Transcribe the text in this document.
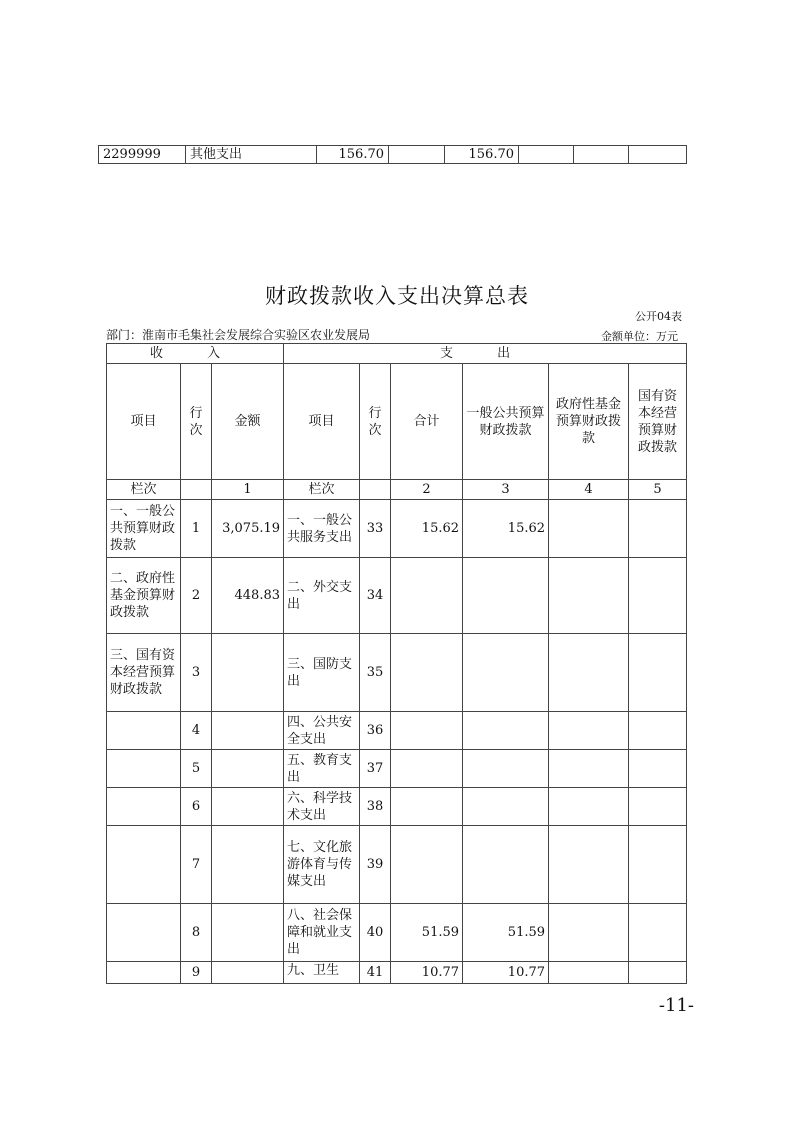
2299999	其他支出	156.70		156.70			
财政拨款收入支出决算总表
公开04表
部门：淮南市毛集社会发展综合实验区农业发展局	金额单位：万元
收 入			支 出					
项目	行次	金额	项目	行次	合计	一般公共预算财政拨款	政府性基金预算财政拨款	国有资本经营预算财政拨款
栏次		1	栏次		2	3	4	5
一、一般公共预算财政拨款	1	3,075.19	一、一般公共服务支出	33	15.62	15.62		
二、政府性基金预算财政拨款	2	448.83	二、外交支出	34				
三、国有资本经营预算财政拨款	3		三、国防支出	35				
	4		四、公共安全支出	36				
	5		五、教育支出	37				
	6		六、科学技术支出	38				
	7		七、文化旅游体育与传媒支出	39				
	8		八、社会保障和就业支出	40	51.59	51.59		
	9		九、卫生	41	10.77	10.77		
-11-
